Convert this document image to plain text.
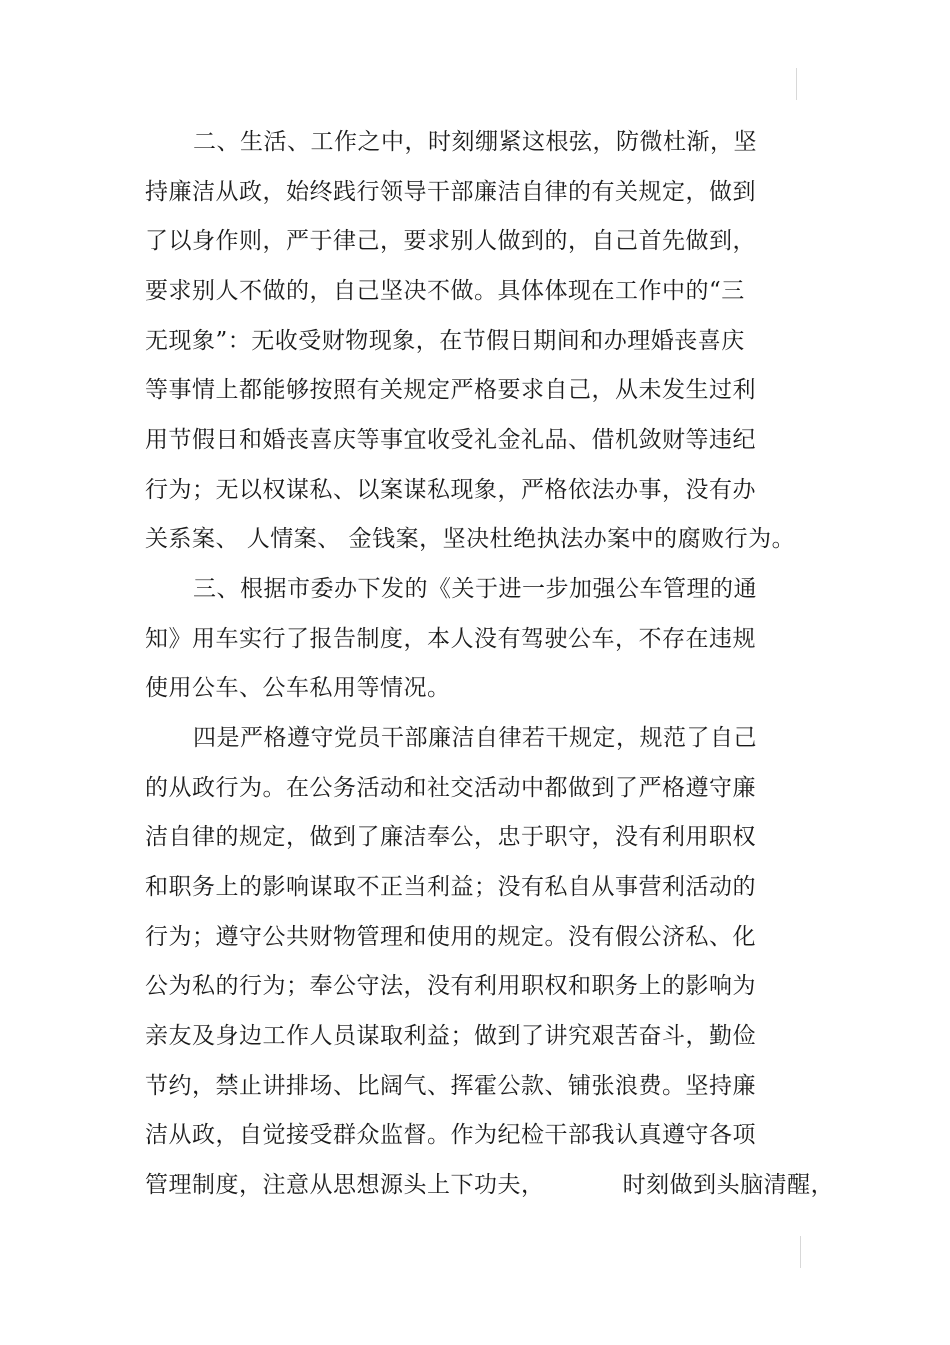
二、生活、工作之中，时刻绷紧这根弦，防微杜渐，坚
持廉洁从政，始终践行领导干部廉洁自律的有关规定，做到
了以身作则，严于律己，要求别人做到的，自己首先做到，
要求别人不做的，自己坚决不做。具体体现在工作中的“三
无现象”：无收受财物现象，在节假日期间和办理婚丧喜庆
等事情上都能够按照有关规定严格要求自己，从未发生过利
用节假日和婚丧喜庆等事宜收受礼金礼品、借机敛财等违纪
行为；无以权谋私、以案谋私现象，严格依法办事，没有办
关系案、 人情案、 金钱案，坚决杜绝执法办案中的腐败行为。
三、根据市委办下发的《关于进一步加强公车管理的通
知》用车实行了报告制度，本人没有驾驶公车，不存在违规
使用公车、公车私用等情况。
四是严格遵守党员干部廉洁自律若干规定，规范了自己
的从政行为。在公务活动和社交活动中都做到了严格遵守廉
洁自律的规定，做到了廉洁奉公，忠于职守，没有利用职权
和职务上的影响谋取不正当利益；没有私自从事营利活动的
行为；遵守公共财物管理和使用的规定。没有假公济私、化
公为私的行为；奉公守法，没有利用职权和职务上的影响为
亲友及身边工作人员谋取利益；做到了讲究艰苦奋斗，勤俭
节约，禁止讲排场、比阔气、挥霍公款、铺张浪费。坚持廉
洁从政，自觉接受群众监督。作为纪检干部我认真遵守各项
管理制度，注意从思想源头上下功夫，          时刻做到头脑清醒，
